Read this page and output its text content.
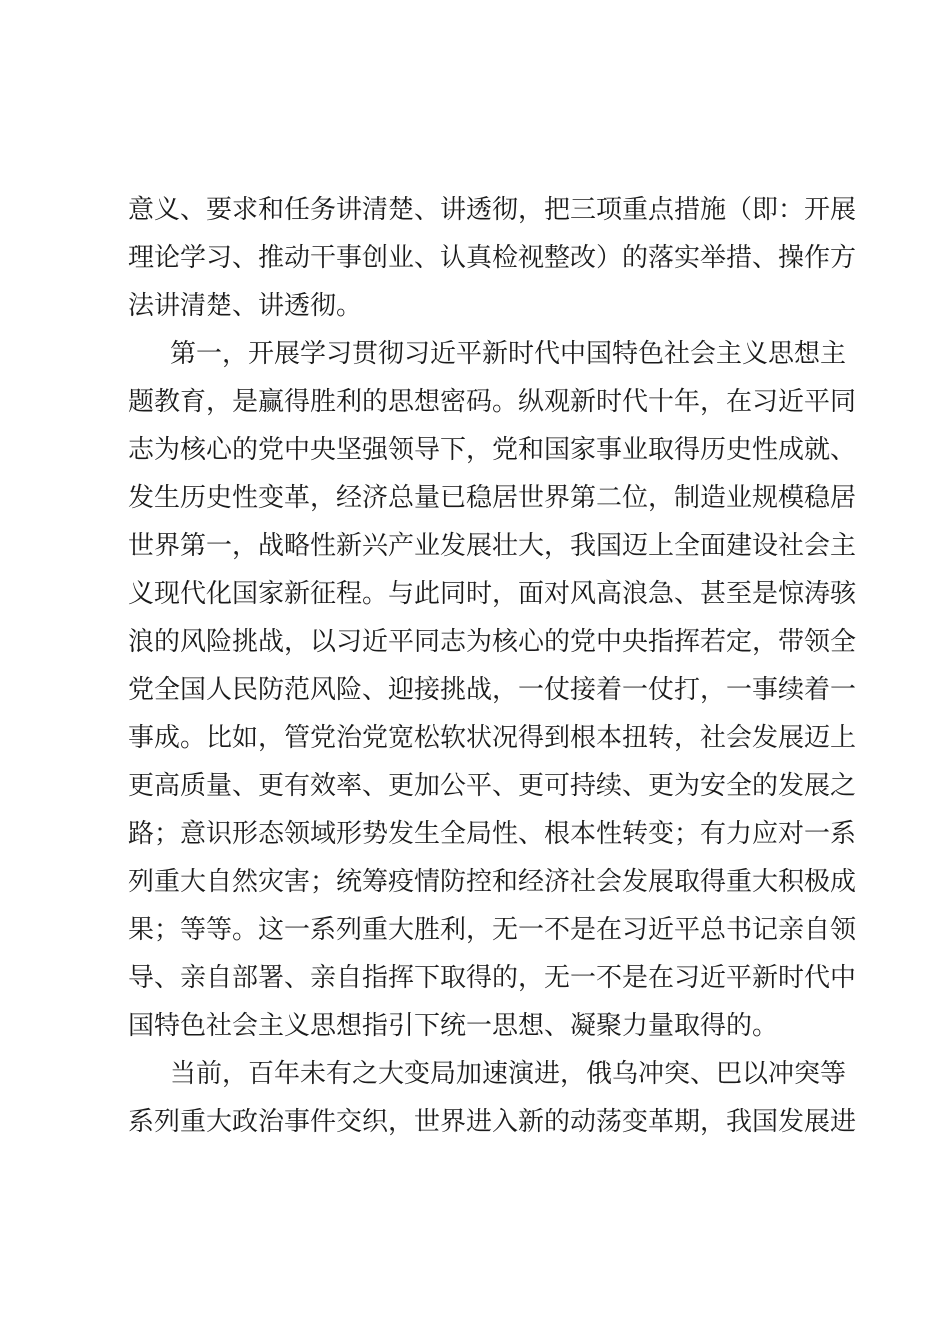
意义、要求和任务讲清楚、讲透彻，把三项重点措施（即：开展
理论学习、推动干事创业、认真检视整改）的落实举措、操作方
法讲清楚、讲透彻。
第一，开展学习贯彻习近平新时代中国特色社会主义思想主
题教育，是赢得胜利的思想密码。纵观新时代十年，在习近平同
志为核心的党中央坚强领导下，党和国家事业取得历史性成就、
发生历史性变革，经济总量已稳居世界第二位，制造业规模稳居
世界第一，战略性新兴产业发展壮大，我国迈上全面建设社会主
义现代化国家新征程。与此同时，面对风高浪急、甚至是惊涛骇
浪的风险挑战，以习近平同志为核心的党中央指挥若定，带领全
党全国人民防范风险、迎接挑战，一仗接着一仗打，一事续着一
事成。比如，管党治党宽松软状况得到根本扭转，社会发展迈上
更高质量、更有效率、更加公平、更可持续、更为安全的发展之
路；意识形态领域形势发生全局性、根本性转变；有力应对一系
列重大自然灾害；统筹疫情防控和经济社会发展取得重大积极成
果；等等。这一系列重大胜利，无一不是在习近平总书记亲自领
导、亲自部署、亲自指挥下取得的，无一不是在习近平新时代中
国特色社会主义思想指引下统一思想、凝聚力量取得的。
当前，百年未有之大变局加速演进，俄乌冲突、巴以冲突等
系列重大政治事件交织，世界进入新的动荡变革期，我国发展进
